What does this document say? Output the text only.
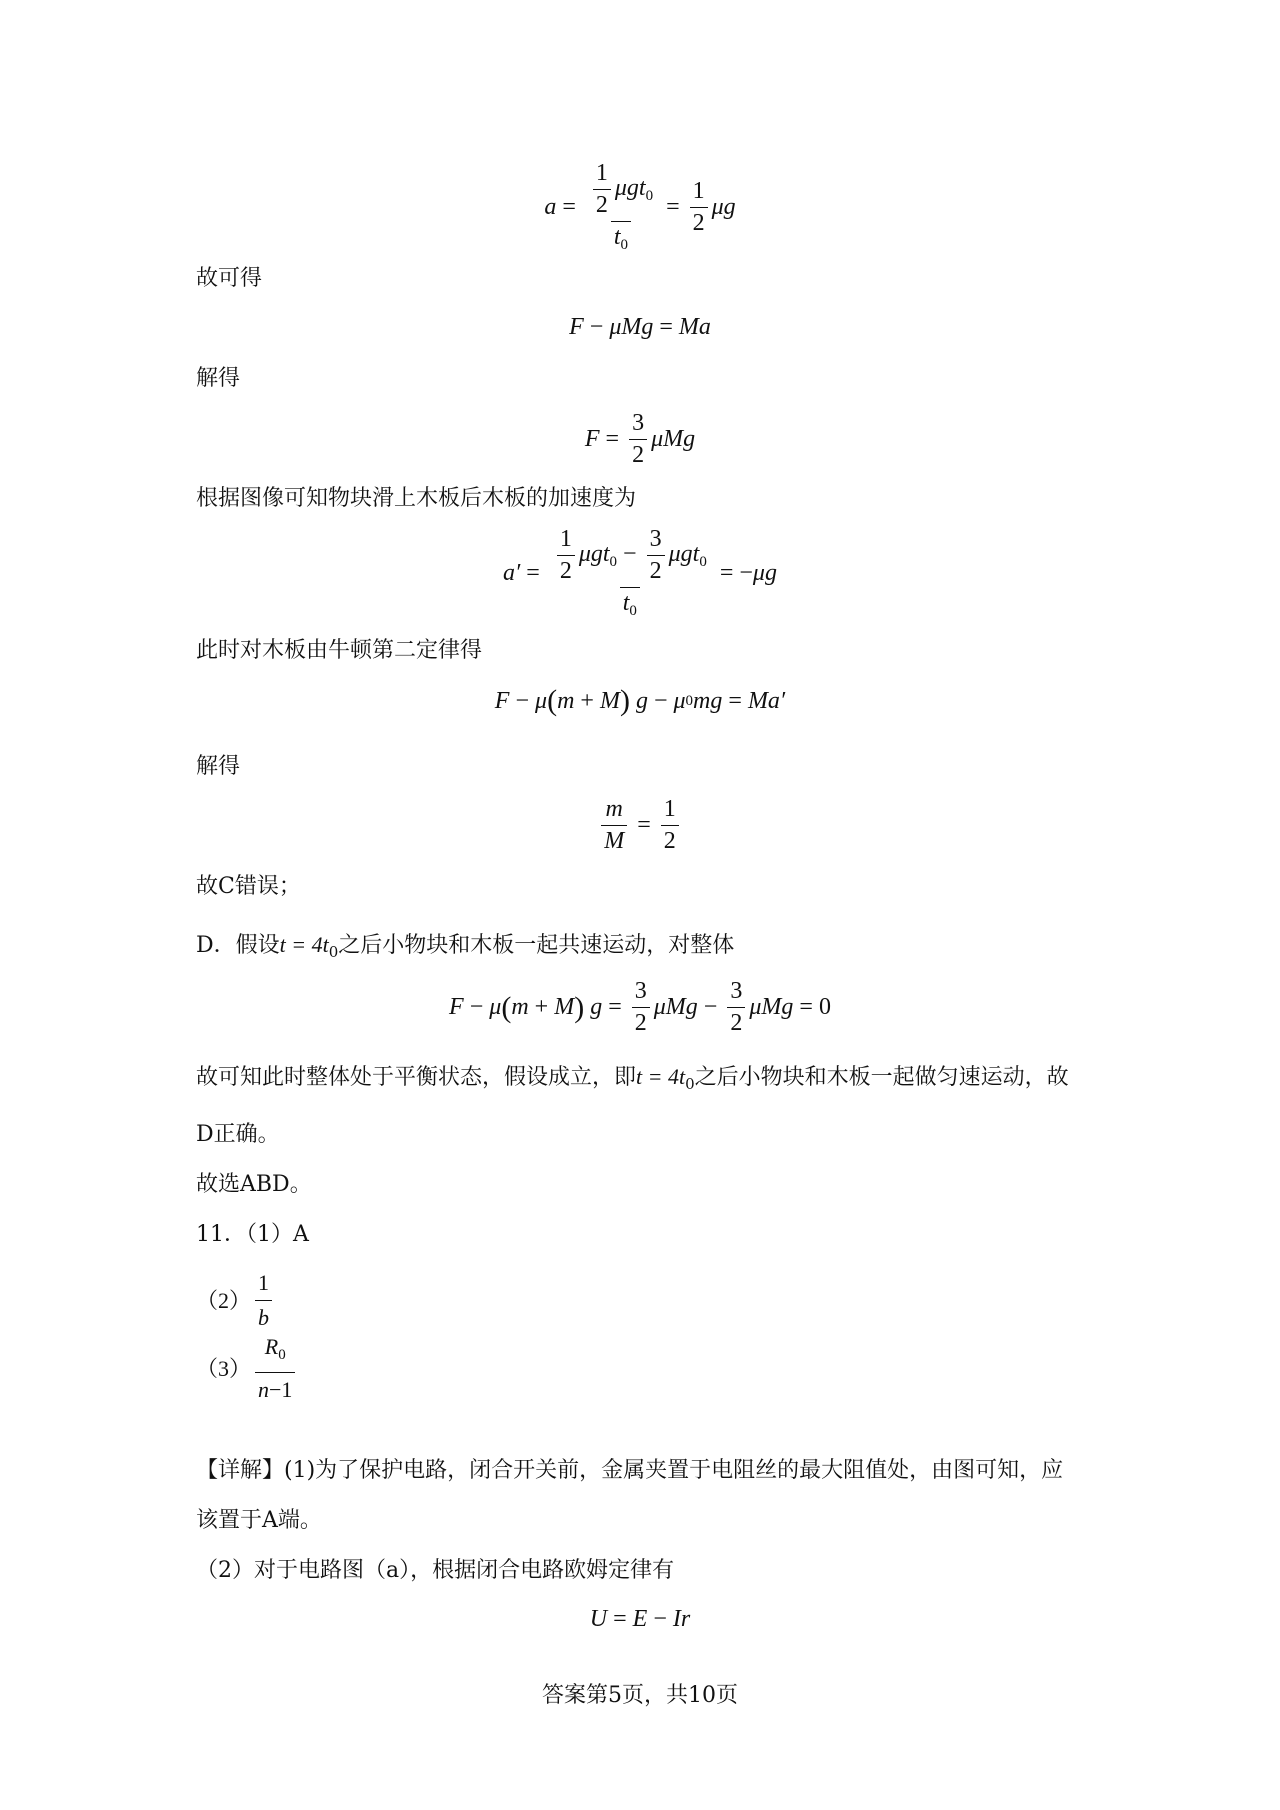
$a = \frac{\frac{1}{2} \mu gt_0}{t_0} = \frac{1}{2}$ μg
故可得
F − μMg = Ma
解得
$F = \frac{3}{2}$ μMg
根据图像可知物块滑上木板后木板的加速度为
$a' = \frac{\frac{1}{2} \mu gt_0 - \frac{3}{2} \mu gt_0}{t_0}$ = − μg
此时对木板由牛顿第二定律得
F − μ ( m + M ) g − μ 0 mg = Ma′
解得
$\frac{m}{M} = \frac{1}{2}$
故C错误；
D．假设$t = 4t_0$之后小物块和木板一起共速运动，对整体
F − μ ( m + M ) $g = \frac{3}{2}$ $\mu Mg - \frac{3}{2}$ μMg = 0
故可知此时整体处于平衡状态，假设成立，即$t = 4t_0$之后小物块和木板一起做匀速运动，故
D正确。
故选ABD。
11．（1）A
$(2) \frac{1}{b}$
$(3) \frac{R_0}{n-1}$
【详解】(1)为了保护电路，闭合开关前，金属夹置于电阻丝的最大阻值处，由图可知，应
该置于A端。
（2）对于电路图（a），根据闭合电路欧姆定律有
U = E − Ir
答案第5页，共10页
